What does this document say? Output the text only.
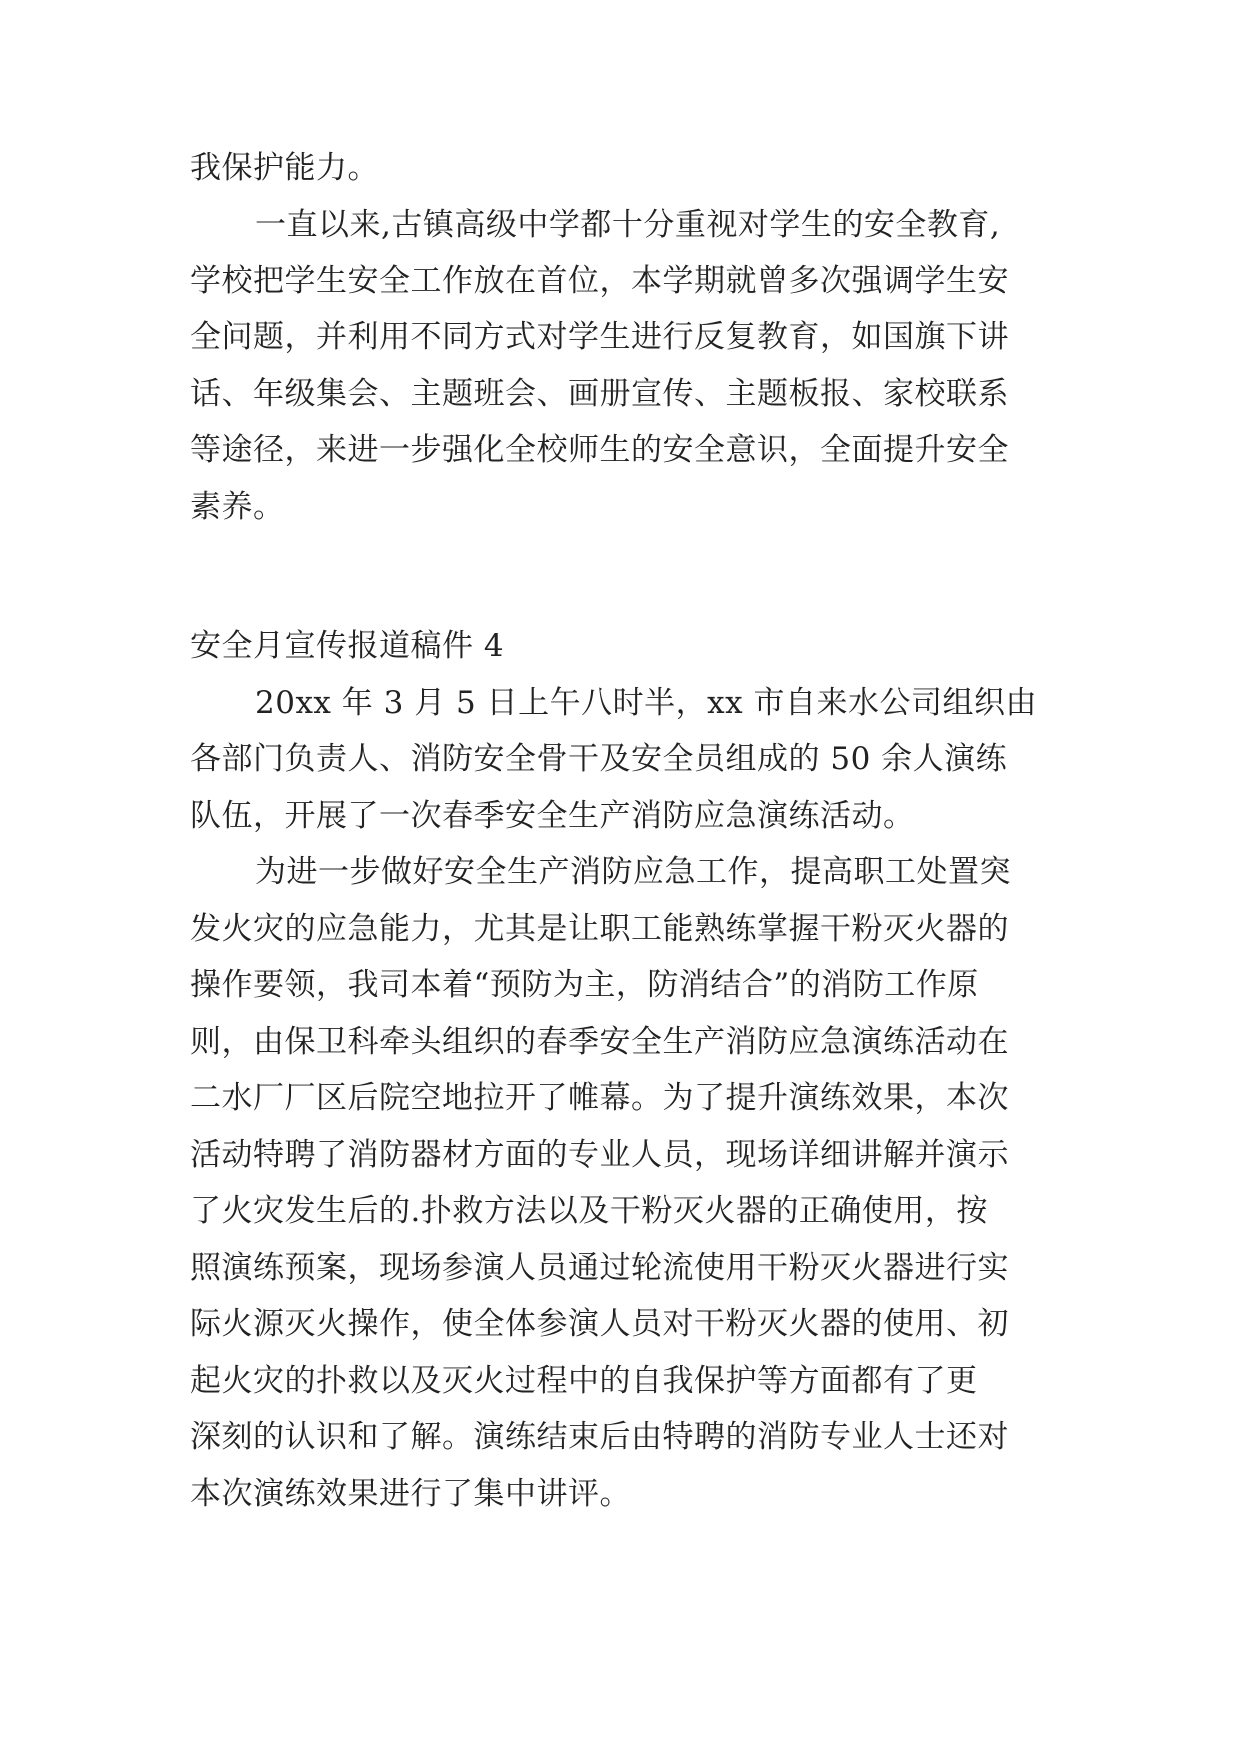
我保护能力。
一直以来,古镇高级中学都十分重视对学生的安全教育,
学校把学生安全工作放在首位，本学期就曾多次强调学生安
全问题，并利用不同方式对学生进行反复教育，如国旗下讲
话、年级集会、主题班会、画册宣传、主题板报、家校联系
等途径，来进一步强化全校师生的安全意识，全面提升安全
素养。
安全月宣传报道稿件 4
20xx 年 3 月 5 日上午八时半，xx 市自来水公司组织由
各部门负责人、消防安全骨干及安全员组成的 50 余人演练
队伍，开展了一次春季安全生产消防应急演练活动。
为进一步做好安全生产消防应急工作，提高职工处置突
发火灾的应急能力，尤其是让职工能熟练掌握干粉灭火器的
操作要领，我司本着“预防为主，防消结合”的消防工作原
则，由保卫科牵头组织的春季安全生产消防应急演练活动在
二水厂厂区后院空地拉开了帷幕。为了提升演练效果，本次
活动特聘了消防器材方面的专业人员，现场详细讲解并演示
了火灾发生后的.扑救方法以及干粉灭火器的正确使用，按
照演练预案，现场参演人员通过轮流使用干粉灭火器进行实
际火源灭火操作，使全体参演人员对干粉灭火器的使用、初
起火灾的扑救以及灭火过程中的自我保护等方面都有了更
深刻的认识和了解。演练结束后由特聘的消防专业人士还对
本次演练效果进行了集中讲评。
